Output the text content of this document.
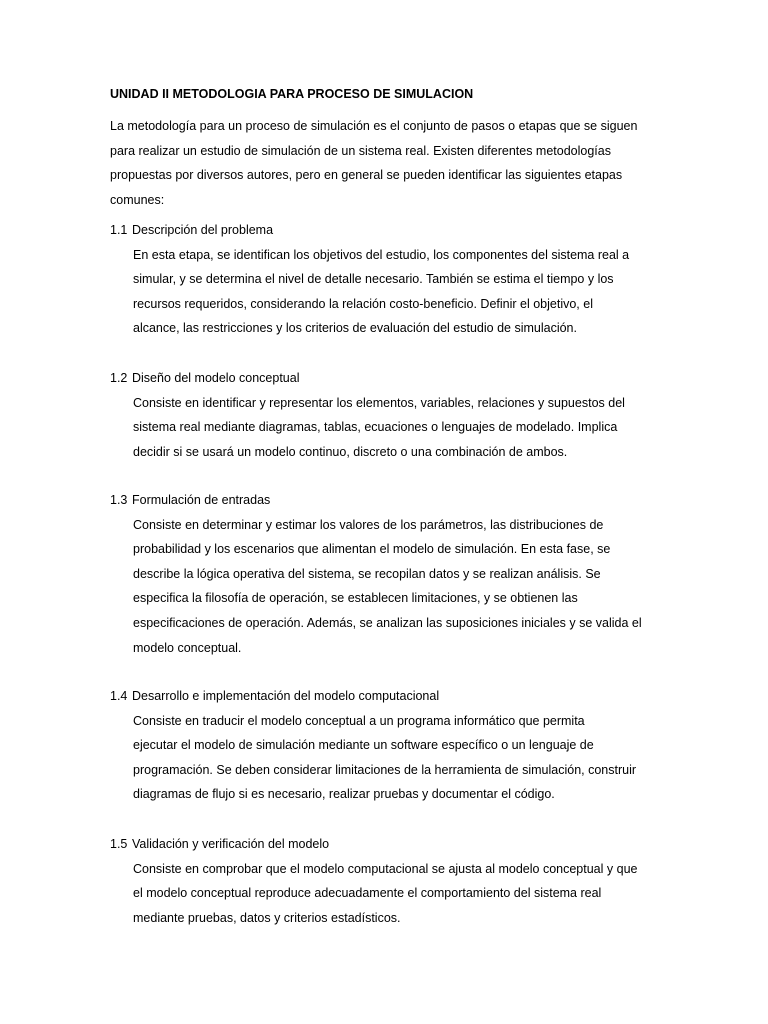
UNIDAD II METODOLOGIA PARA PROCESO DE SIMULACION
La metodología para un proceso de simulación es el conjunto de pasos o etapas que se siguen
para realizar un estudio de simulación de un sistema real. Existen diferentes metodologías
propuestas por diversos autores, pero en general se pueden identificar las siguientes etapas
comunes:
1.1 Descripción del problema
En esta etapa, se identifican los objetivos del estudio, los componentes del sistema real a
simular, y se determina el nivel de detalle necesario. También se estima el tiempo y los
recursos requeridos, considerando la relación costo-beneficio. Definir el objetivo, el
alcance, las restricciones y los criterios de evaluación del estudio de simulación.
1.2 Diseño del modelo conceptual
Consiste en identificar y representar los elementos, variables, relaciones y supuestos del
sistema real mediante diagramas, tablas, ecuaciones o lenguajes de modelado. Implica
decidir si se usará un modelo continuo, discreto o una combinación de ambos.
1.3 Formulación de entradas
Consiste en determinar y estimar los valores de los parámetros, las distribuciones de
probabilidad y los escenarios que alimentan el modelo de simulación. En esta fase, se
describe la lógica operativa del sistema, se recopilan datos y se realizan análisis. Se
especifica la filosofía de operación, se establecen limitaciones, y se obtienen las
especificaciones de operación. Además, se analizan las suposiciones iniciales y se valida el
modelo conceptual.
1.4 Desarrollo e implementación del modelo computacional
Consiste en traducir el modelo conceptual a un programa informático que permita
ejecutar el modelo de simulación mediante un software específico o un lenguaje de
programación. Se deben considerar limitaciones de la herramienta de simulación, construir
diagramas de flujo si es necesario, realizar pruebas y documentar el código.
1.5 Validación y verificación del modelo
Consiste en comprobar que el modelo computacional se ajusta al modelo conceptual y que
el modelo conceptual reproduce adecuadamente el comportamiento del sistema real
mediante pruebas, datos y criterios estadísticos.
